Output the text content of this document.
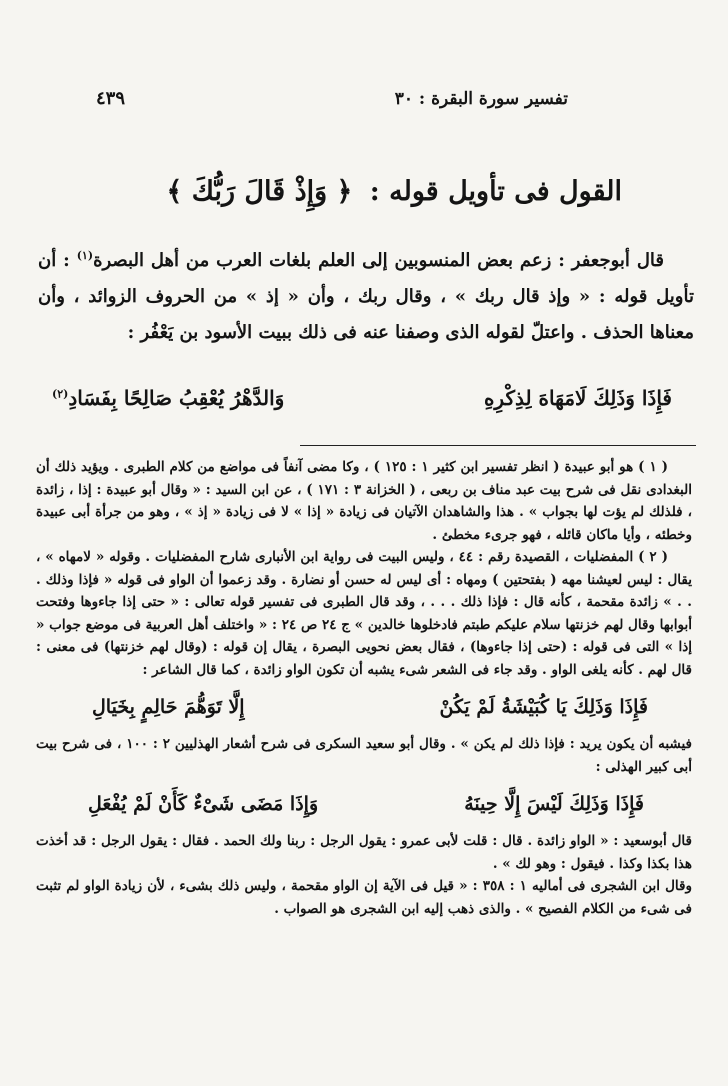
تفسير سورة البقرة : ٣٠
٤٣٩
القول فى تأويل قوله : ﴿ وَإِذْ قَالَ رَبُّكَ ﴾

قال أبوجعفر : زعم بعض المنسوبين إلى العلم بلغات العرب من أهل البصرة$^{(١)}$ : أن تأويل قوله : « وإذ قال ربك » ، وقال ربك ، وأن « إذ » من الحروف الزوائد ، وأن معناها الحذف . واعتلّ لقوله الذى وصفنا عنه فى ذلك ببيت الأسود بن يَعْفُر :

فَإِذَا وَذَلِكَ لَامَهَاهَ لِذِكْرِهِ
وَالدَّهْرُ يُعْقِبُ صَالِحًا بِفَسَادِ$^{(٢)}$

( ١ ) هو أبو عبيدة ( انظر تفسير ابن كثير ١ : ١٢٥ ) ، وكا مضى آنفاً فى مواضع من كلام الطبرى . ويؤيد ذلك أن البغدادى نقل فى شرح بيت عبد مناف بن ربعى ، ( الخزانة ٣ : ١٧١ ) ، عن ابن السيد : « وقال أبو عبيدة : إذا ، زائدة ، فلذلك لم يؤت لها بجواب » . هذا والشاهدان الآتيان فى زيادة « إذا » لا فى زيادة « إذ » ، وهو من جرأة أبى عبيدة وخطئه ، وأيا ماكان قائله ، فهو جرىء مخطئ .

( ٢ ) المفضليات ، القصيدة رقم : ٤٤ ، وليس البيت فى رواية ابن الأنبارى شارح المفضليات . وقوله « لامهاه » ، يقال : ليس لعيشنا مهه ( بفتحتين ) ومهاه : أى ليس له حسن أو نضارة . وقد زعموا أن الواو فى قوله « فإذا وذلك . . . » زائدة مقحمة ، كأنه قال : فإذا ذلك . . . ، وقد قال الطبرى فى تفسير قوله تعالى : « حتى إذا جاءوها وفتحت أبوابها وقال لهم خزنتها سلام عليكم طبتم فادخلوها خالدين » ج ٢٤ ص ٢٤ : « واختلف أهل العربية فى موضع جواب « إذا » التى فى قوله : (حتى إذا جاءوها) ، فقال بعض نحويى البصرة ، يقال إن قوله : (وقال لهم خزنتها) فى معنى : قال لهم . كأنه يلغى الواو . وقد جاء فى الشعر شىء يشبه أن تكون الواو زائدة ، كما قال الشاعر :

فَإِذَا وَذَلِكَ يَا كُبَيْشَةُ لَمْ يَكُنْ
إِلَّا تَوَهُّمَ حَالِمٍ بِخَيَالِ

فيشبه أن يكون يريد : فإذا ذلك لم يكن » . وقال أبو سعيد السكرى فى شرح أشعار الهذليين ٢ : ١٠٠ ، فى شرح بيت أبى كبير الهذلى :

فَإِذَا وَذَلِكَ لَيْسَ إِلَّا حِينَهُ
وَإِذَا مَضَى شَىْءٌ كَأَنْ لَمْ يُفْعَلِ

قال أبوسعيد : « الواو زائدة . قال : قلت لأبى عمرو : يقول الرجل : ربنا ولك الحمد . فقال : يقول الرجل : قد أخذت هذا بكذا وكذا . فيقول : وهو لك » .

وقال ابن الشجرى فى أماليه ١ : ٣٥٨ : « قيل فى الآية إن الواو مقحمة ، وليس ذلك بشىء ، لأن زيادة الواو لم تثبت فى شىء من الكلام الفصيح » . والذى ذهب إليه ابن الشجرى هو الصواب .
